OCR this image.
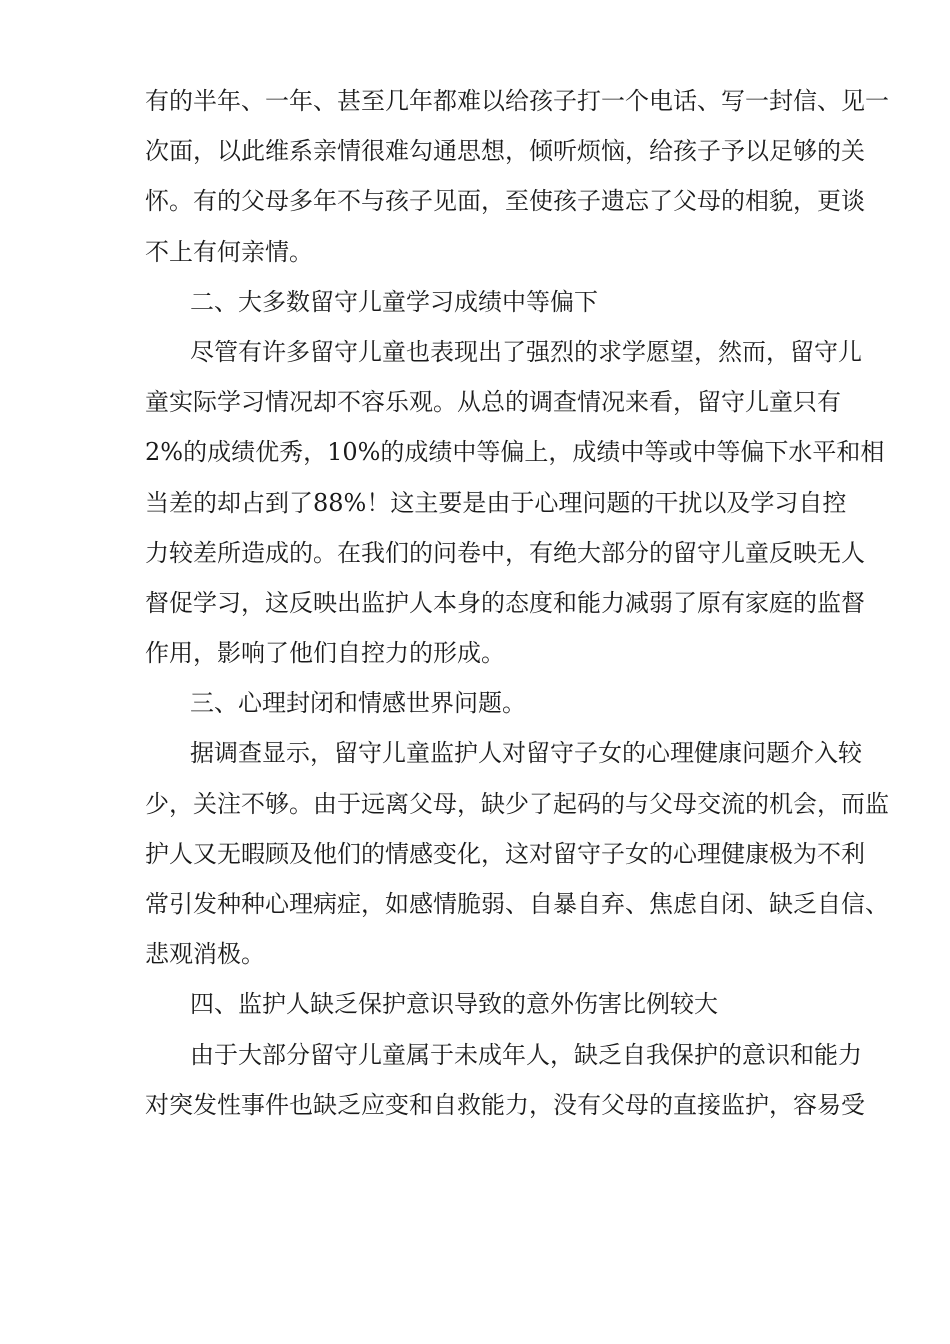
有的半年、一年、甚至几年都难以给孩子打一个电话、写一封信、见一
次面，以此维系亲情很难勾通思想，倾听烦恼，给孩子予以足够的关
怀。有的父母多年不与孩子见面，至使孩子遗忘了父母的相貌，更谈
不上有何亲情。
二、大多数留守儿童学习成绩中等偏下
尽管有许多留守儿童也表现出了强烈的求学愿望，然而，留守儿
童实际学习情况却不容乐观。从总的调查情况来看，留守儿童只有
2%的成绩优秀，10%的成绩中等偏上，成绩中等或中等偏下水平和相
当差的却占到了88%！这主要是由于心理问题的干扰以及学习自控
力较差所造成的。在我们的问卷中，有绝大部分的留守儿童反映无人
督促学习，这反映出监护人本身的态度和能力减弱了原有家庭的监督
作用，影响了他们自控力的形成。
三、心理封闭和情感世界问题。
据调查显示，留守儿童监护人对留守子女的心理健康问题介入较
少，关注不够。由于远离父母，缺少了起码的与父母交流的机会，而监
护人又无暇顾及他们的情感变化，这对留守子女的心理健康极为不利
常引发种种心理病症，如感情脆弱、自暴自弃、焦虑自闭、缺乏自信、
悲观消极。
四、监护人缺乏保护意识导致的意外伤害比例较大
由于大部分留守儿童属于未成年人，缺乏自我保护的意识和能力
对突发性事件也缺乏应变和自救能力，没有父母的直接监护，容易受
